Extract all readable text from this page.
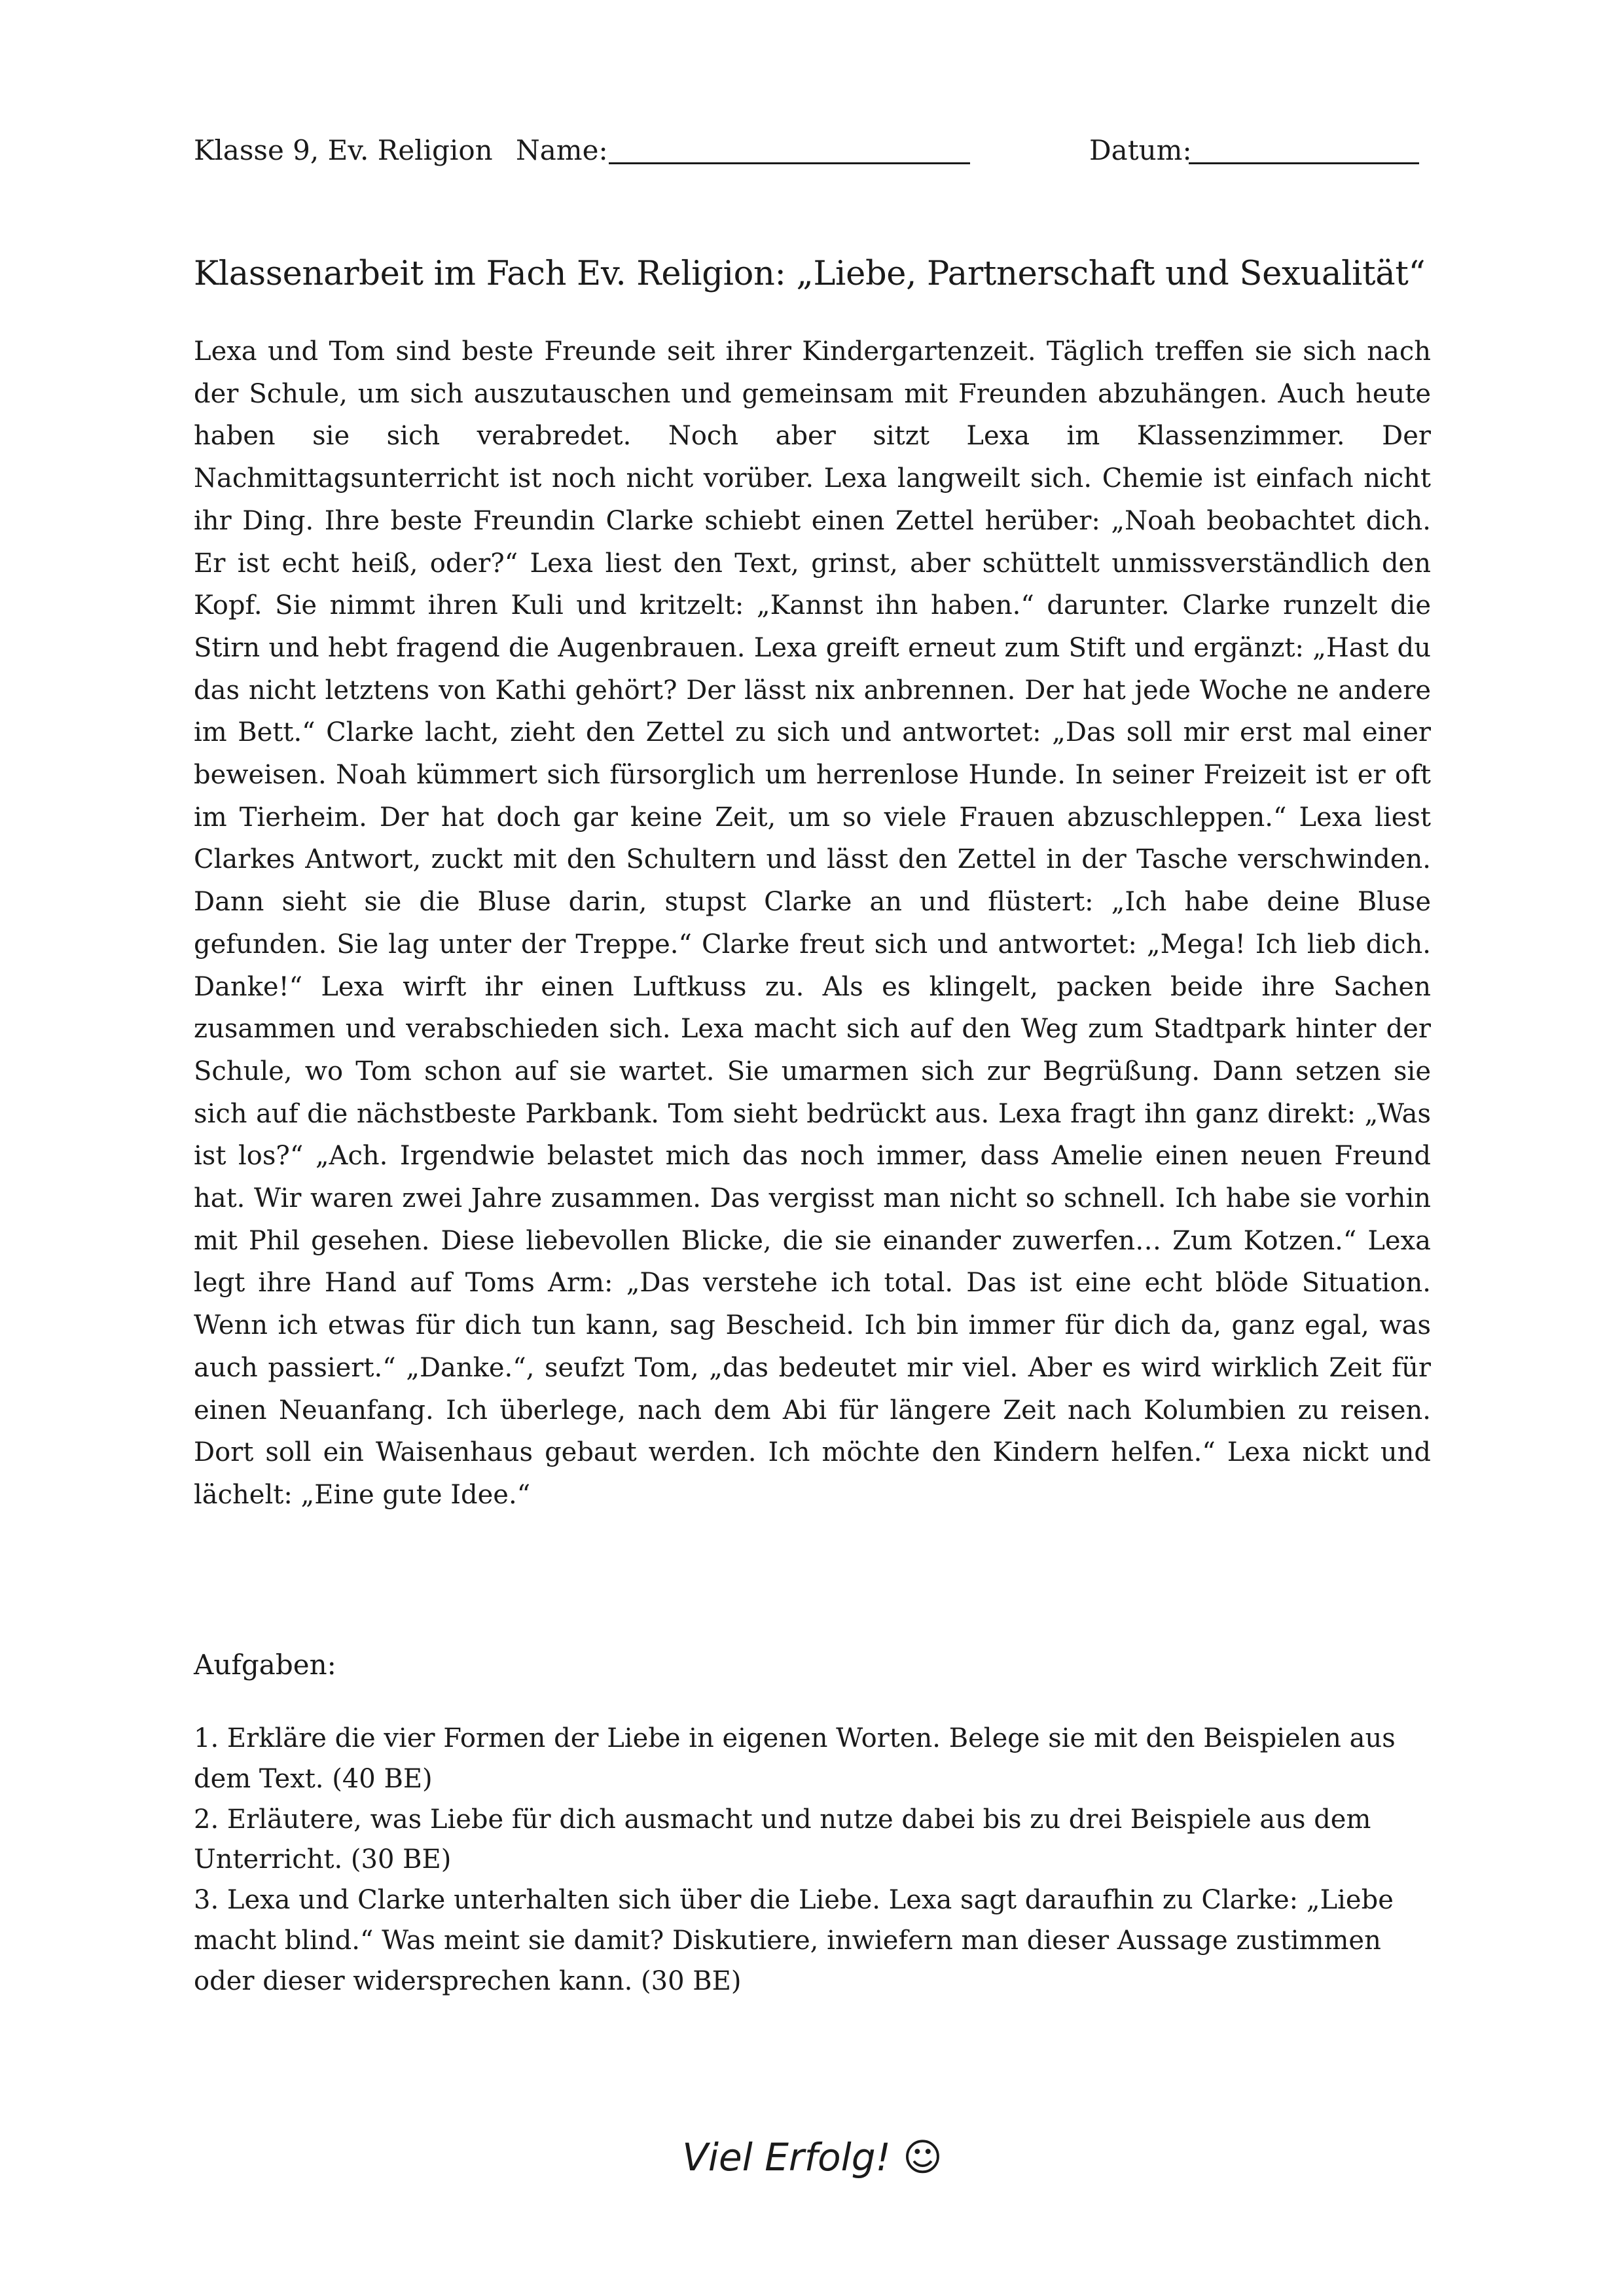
Klasse 9, Ev. Religion Name:	Datum:
Klassenarbeit im Fach Ev. Religion: „Liebe, Partnerschaft und Sexualität“

Lexa und Tom sind beste Freunde seit ihrer Kindergartenzeit. Täglich treffen sie sich nach der Schule, um sich auszutauschen und gemeinsam mit Freunden abzuhängen. Auch heute haben sie sich verabredet. Noch aber sitzt Lexa im Klassenzimmer. Der Nachmittagsunterricht ist noch nicht vorüber. Lexa langweilt sich. Chemie ist einfach nicht ihr Ding. Ihre beste Freundin Clarke schiebt einen Zettel herüber: „Noah beobachtet dich. Er ist echt heiß, oder?“ Lexa liest den Text, grinst, aber schüttelt unmissverständlich den Kopf. Sie nimmt ihren Kuli und kritzelt: „Kannst ihn haben.“ darunter. Clarke runzelt die Stirn und hebt fragend die Augenbrauen. Lexa greift erneut zum Stift und ergänzt: „Hast du das nicht letztens von Kathi gehört? Der lässt nix anbrennen. Der hat jede Woche ne andere im Bett.“ Clarke lacht, zieht den Zettel zu sich und antwortet: „Das soll mir erst mal einer beweisen. Noah kümmert sich fürsorglich um herrenlose Hunde. In seiner Freizeit ist er oft im Tierheim. Der hat doch gar keine Zeit, um so viele Frauen abzuschleppen.“ Lexa liest Clarkes Antwort, zuckt mit den Schultern und lässt den Zettel in der Tasche verschwinden. Dann sieht sie die Bluse darin, stupst Clarke an und flüstert: „Ich habe deine Bluse gefunden. Sie lag unter der Treppe.“ Clarke freut sich und antwortet: „Mega! Ich lieb dich. Danke!“ Lexa wirft ihr einen Luftkuss zu. Als es klingelt, packen beide ihre Sachen zusammen und verabschieden sich. Lexa macht sich auf den Weg zum Stadtpark hinter der Schule, wo Tom schon auf sie wartet. Sie umarmen sich zur Begrüßung. Dann setzen sie sich auf die nächstbeste Parkbank. Tom sieht bedrückt aus. Lexa fragt ihn ganz direkt: „Was ist los?“ „Ach. Irgendwie belastet mich das noch immer, dass Amelie einen neuen Freund hat. Wir waren zwei Jahre zusammen. Das vergisst man nicht so schnell. Ich habe sie vorhin mit Phil gesehen. Diese liebevollen Blicke, die sie einander zuwerfen… Zum Kotzen.“ Lexa legt ihre Hand auf Toms Arm: „Das verstehe ich total. Das ist eine echt blöde Situation. Wenn ich etwas für dich tun kann, sag Bescheid. Ich bin immer für dich da, ganz egal, was auch passiert.“ „Danke.“, seufzt Tom, „das bedeutet mir viel. Aber es wird wirklich Zeit für einen Neuanfang. Ich überlege, nach dem Abi für längere Zeit nach Kolumbien zu reisen. Dort soll ein Waisenhaus gebaut werden. Ich möchte den Kindern helfen.“ Lexa nickt und lächelt: „Eine gute Idee.“

Aufgaben:

1. Erkläre die vier Formen der Liebe in eigenen Worten. Belege sie mit den Beispielen aus dem Text. (40 BE)

2. Erläutere, was Liebe für dich ausmacht und nutze dabei bis zu drei Beispiele aus dem Unterricht. (30 BE)

3. Lexa und Clarke unterhalten sich über die Liebe. Lexa sagt daraufhin zu Clarke: „Liebe macht blind.“ Was meint sie damit? Diskutiere, inwiefern man dieser Aussage zustimmen oder dieser widersprechen kann. (30 BE)

Viel Erfolg! ☺
